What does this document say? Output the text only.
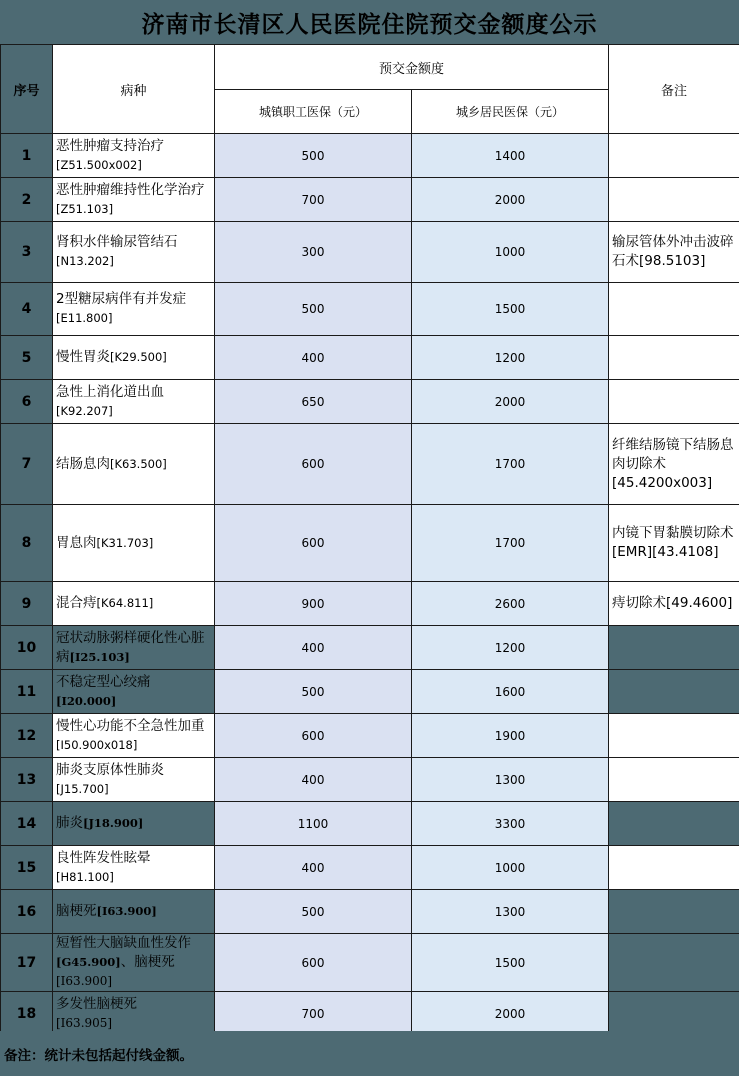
济南市长清区人民医院住院预交金额度公示
序号	病种	预交金额度		备注
		城镇职工医保（元）	城乡居民医保（元）	
1	恶性肿瘤支持治疗
[Z51.500x002]	500	1400	
2	恶性肿瘤维持性化学治疗[Z51.103]	700	2000	
3	肾积水伴输尿管结石
[N13.202]	300	1000	输尿管体外冲击波碎石术[98.5103]
4	2型糖尿病伴有并发症
[E11.800]	500	1500	
5	慢性胃炎[K29.500]	400	1200	
6	急性上消化道出血
[K92.207]	650	2000	
7	结肠息肉[K63.500]	600	1700	纤维结肠镜下结肠息肉切除术[45.4200x003]
8	胃息肉[K31.703]	600	1700	内镜下胃黏膜切除术[EMR][43.4108]
9	混合痔[K64.811]	900	2600	痔切除术[49.4600]
10	冠状动脉粥样硬化性心脏病[I25.103]	400	1200	
11	不稳定型心绞痛
[I20.000]	500	1600	
12	慢性心功能不全急性加重[I50.900x018]	600	1900	
13	肺炎支原体性肺炎
[J15.700]	400	1300	
14	肺炎[J18.900]	1100	3300	
15	良性阵发性眩晕
[H81.100]	400	1000	
16	脑梗死[I63.900]	500	1300	
17	短暂性大脑缺血性发作
[G45.900]、脑梗死
[I63.900]	600	1500	
18	多发性脑梗死
[I63.905]	700	2000	
备注：统计未包括起付线金额。
